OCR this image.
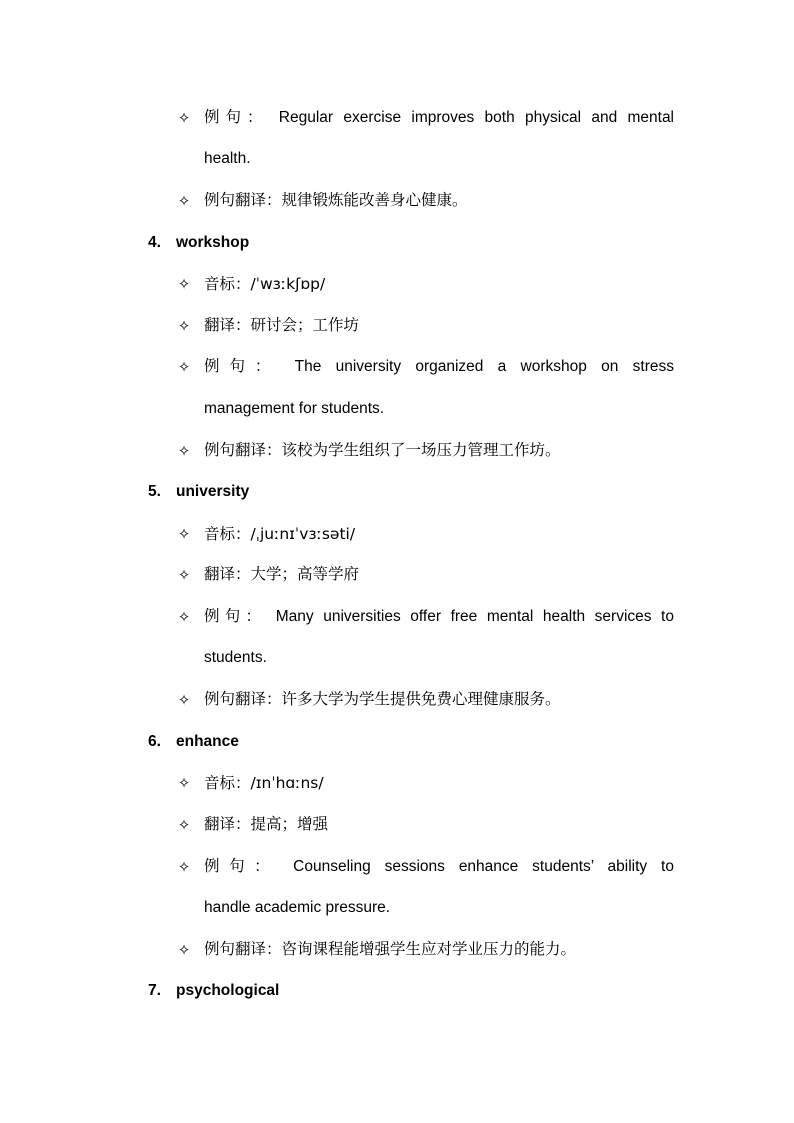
✧ 例句： Regular exercise improves both physical and mental
health.
✧ 例句翻译：规律锻炼能改善身心健康。
4. workshop
✧ 音标：/ˈwɜːkʃɒp/
✧ 翻译：研讨会；工作坊
✧ 例句： The university organized a workshop on stress
management for students.
✧ 例句翻译：该校为学生组织了一场压力管理工作坊。
5. university
✧ 音标：/ˌjuːnɪˈvɜːsəti/
✧ 翻译：大学；高等学府
✧ 例句： Many universities offer free mental health services to
students.
✧ 例句翻译：许多大学为学生提供免费心理健康服务。
6. enhance
✧ 音标：/ɪnˈhɑːns/
✧ 翻译：提高；增强
✧ 例句： Counseling sessions enhance students’ ability to
handle academic pressure.
✧ 例句翻译：咨询课程能增强学生应对学业压力的能力。
7. psychological
